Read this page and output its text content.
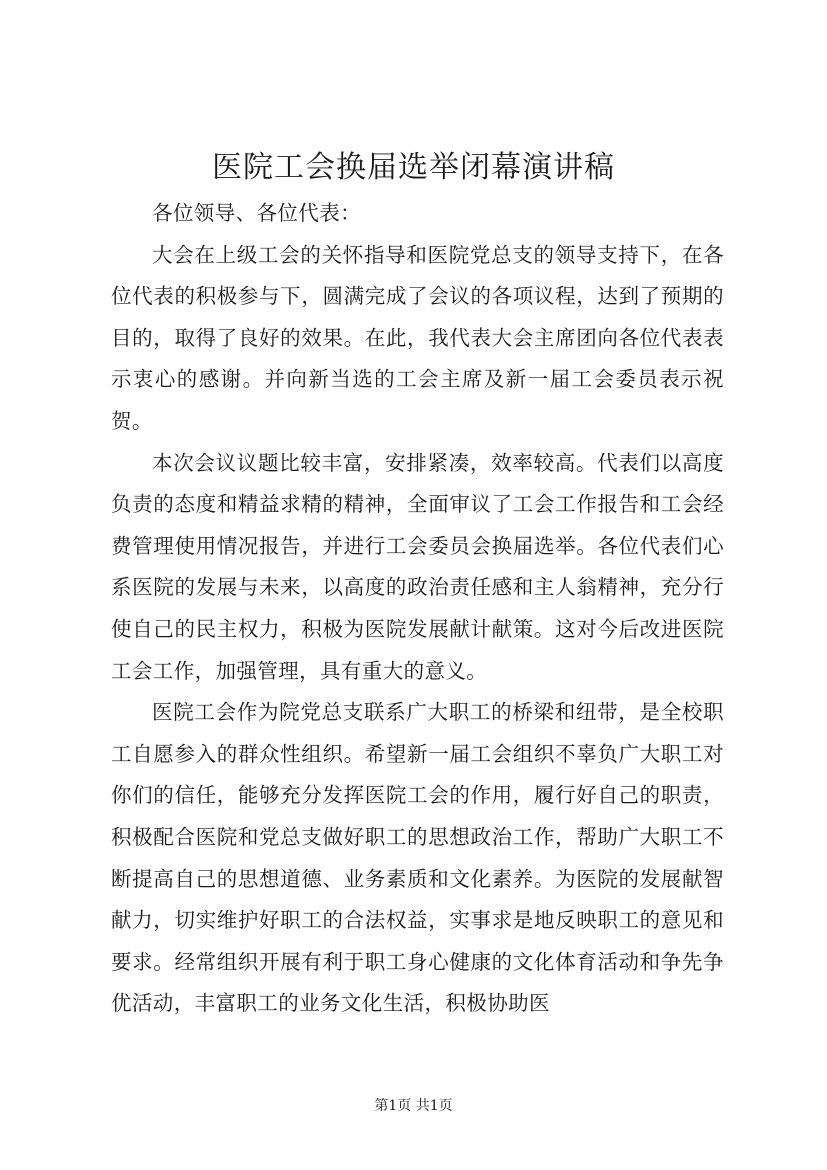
医院工会换届选举闭幕演讲稿

各位领导、各位代表：

大会在上级工会的关怀指导和医院党总支的领导支持下，在各位代表的积极参与下，圆满完成了会议的各项议程，达到了预期的目的，取得了良好的效果。在此，我代表大会主席团向各位代表表示衷心的感谢。并向新当选的工会主席及新一届工会委员表示祝贺。

本次会议议题比较丰富，安排紧凑，效率较高。代表们以高度负责的态度和精益求精的精神，全面审议了工会工作报告和工会经费管理使用情况报告，并进行工会委员会换届选举。各位代表们心系医院的发展与未来，以高度的政治责任感和主人翁精神，充分行使自己的民主权力，积极为医院发展献计献策。这对今后改进医院工会工作，加强管理，具有重大的意义。

医院工会作为院党总支联系广大职工的桥梁和纽带，是全校职工自愿参入的群众性组织。希望新一届工会组织不辜负广大职工对你们的信任，能够充分发挥医院工会的作用，履行好自己的职责，积极配合医院和党总支做好职工的思想政治工作，帮助广大职工不断提高自己的思想道德、业务素质和文化素养。为医院的发展献智献力，切实维护好职工的合法权益，实事求是地反映职工的意见和要求。经常组织开展有利于职工身心健康的文化体育活动和争先争优活动，丰富职工的业务文化生活，积极协助医

第1页 共1页
